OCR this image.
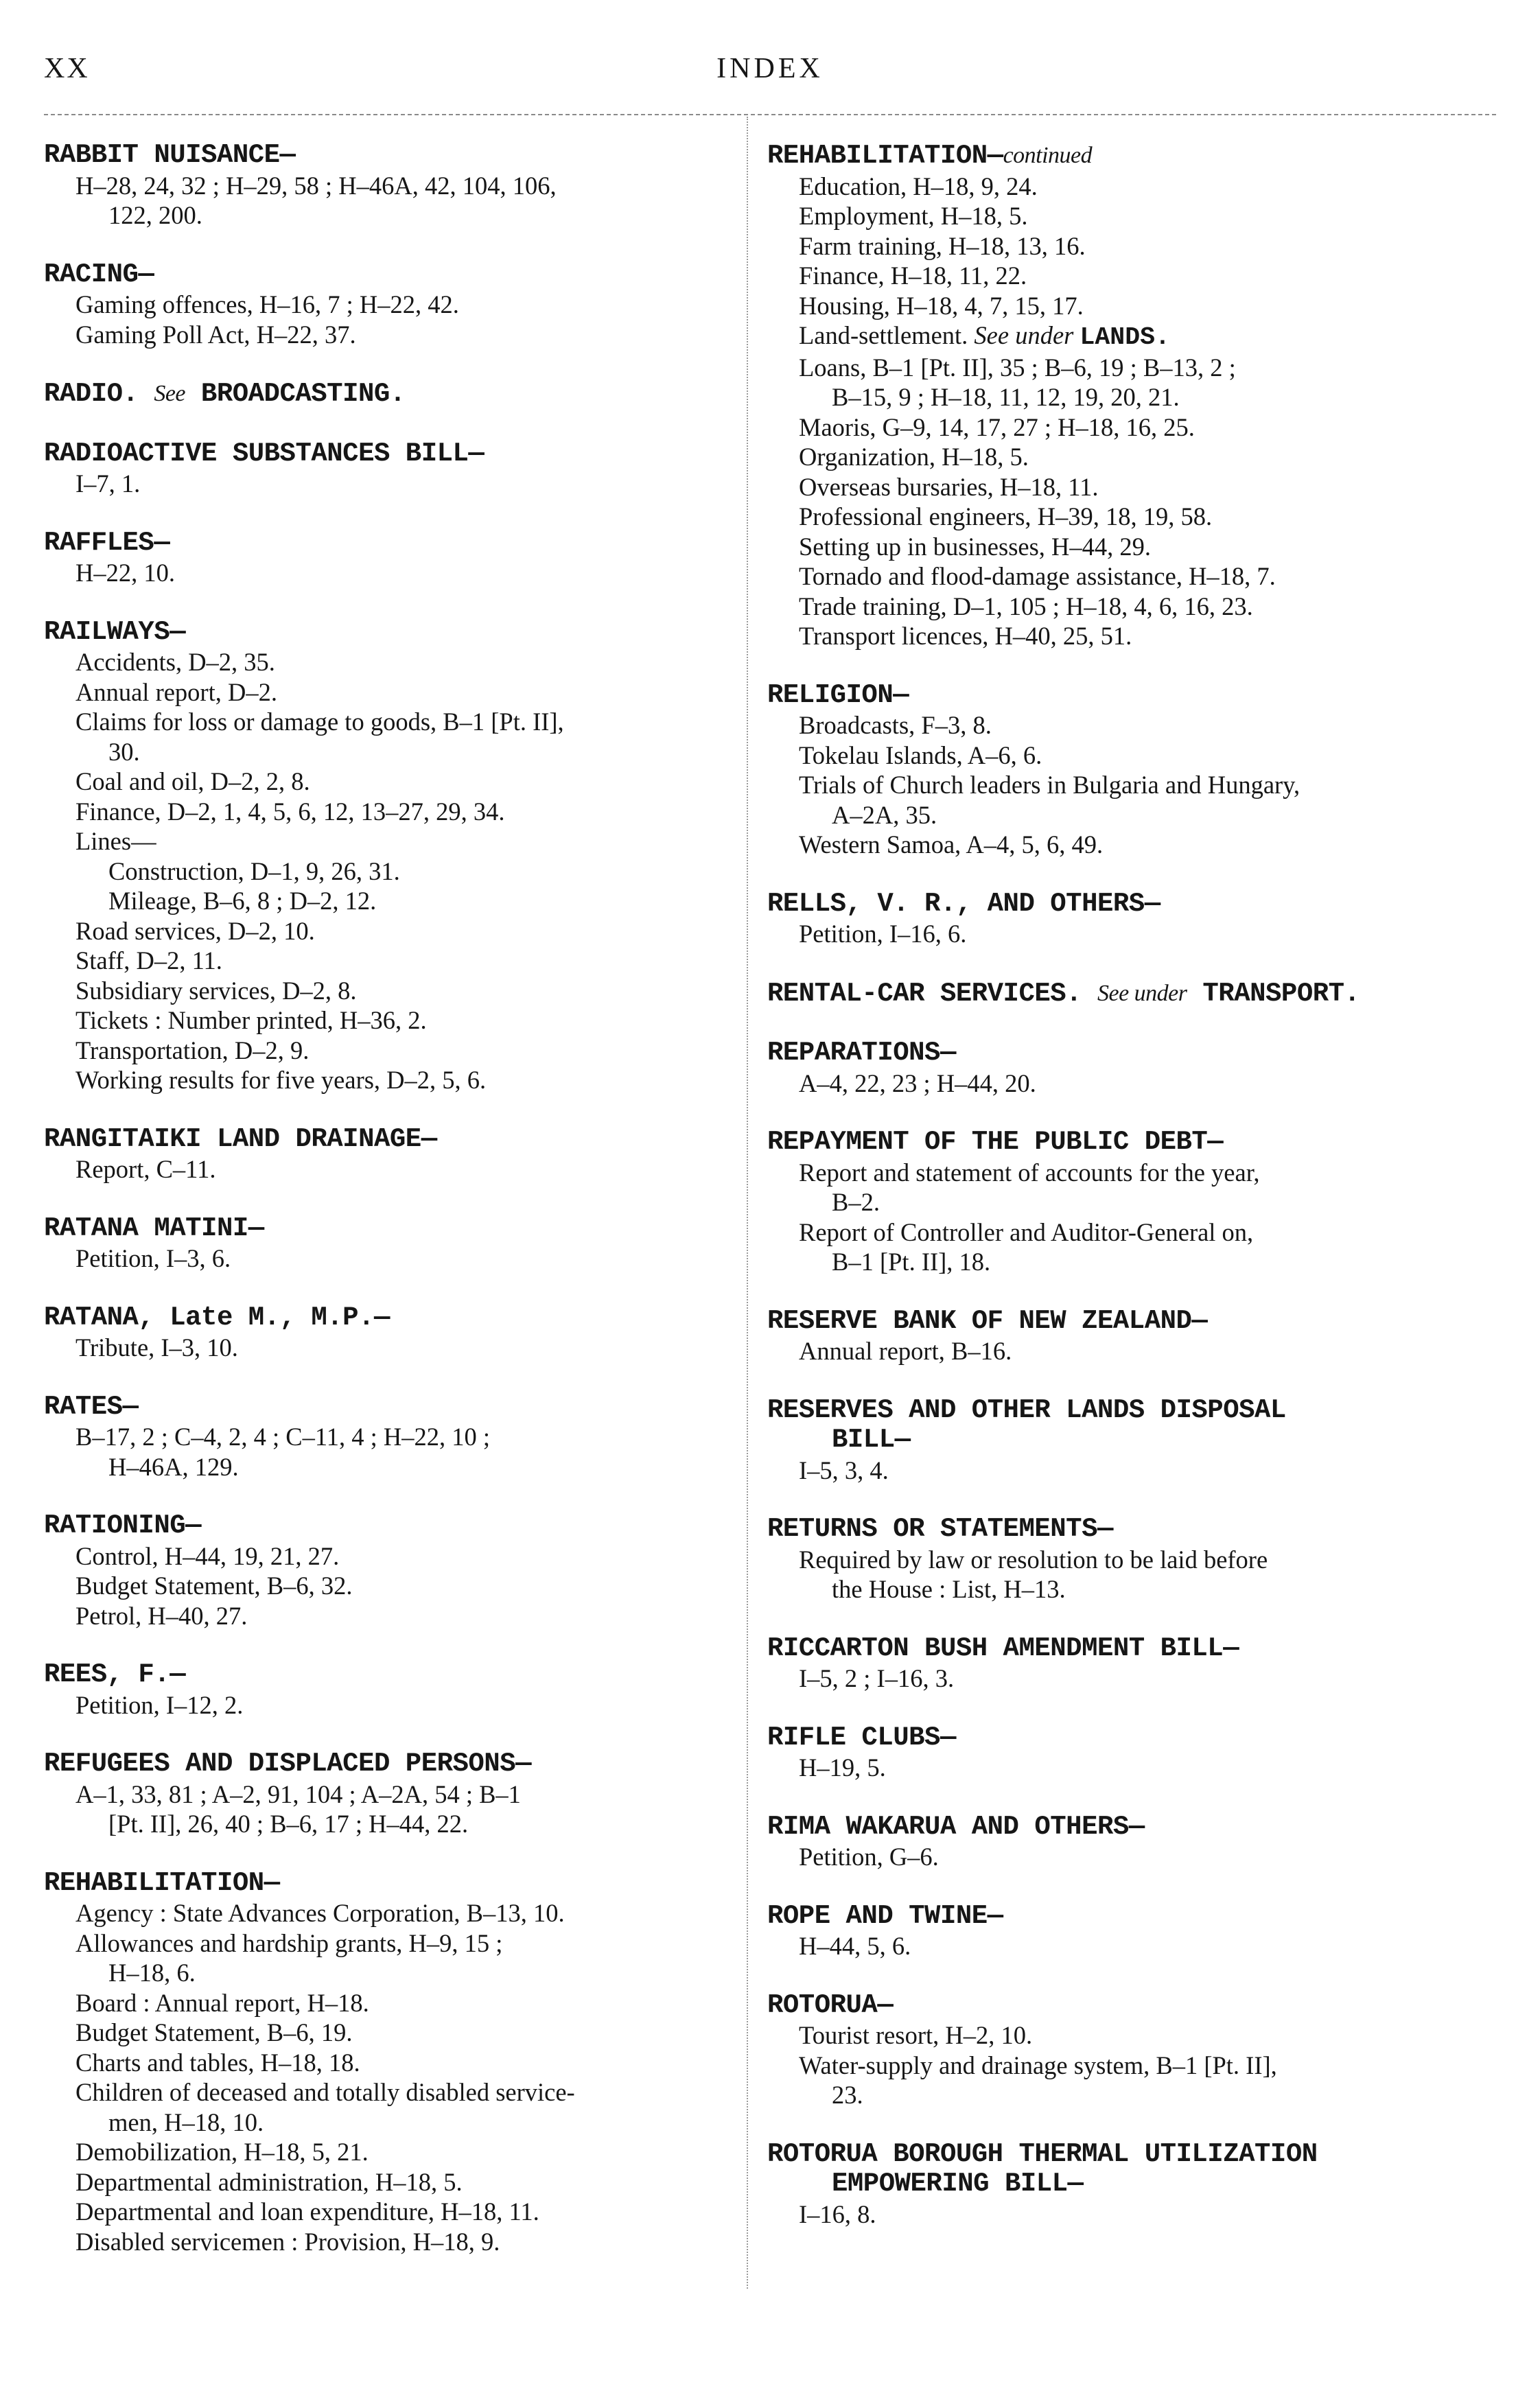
XX	INDEX
RABBIT NUISANCE—
H–28, 24, 32 ; H–29, 58 ; H–46A, 42, 104, 106,
122, 200.
RACING—
Gaming offences, H–16, 7 ; H–22, 42.
Gaming Poll Act, H–22, 37.
RADIO. See BROADCASTING.
RADIOACTIVE SUBSTANCES BILL—
I–7, 1.
RAFFLES—
H–22, 10.
RAILWAYS—
Accidents, D–2, 35.
Annual report, D–2.
Claims for loss or damage to goods, B–1 [Pt. II],
30.
Coal and oil, D–2, 2, 8.
Finance, D–2, 1, 4, 5, 6, 12, 13–27, 29, 34.
Lines—
Construction, D–1, 9, 26, 31.
Mileage, B–6, 8 ; D–2, 12.
Road services, D–2, 10.
Staff, D–2, 11.
Subsidiary services, D–2, 8.
Tickets : Number printed, H–36, 2.
Transportation, D–2, 9.
Working results for five years, D–2, 5, 6.
RANGITAIKI LAND DRAINAGE—
Report, C–11.
RATANA MATINI—
Petition, I–3, 6.
RATANA, Late M., M.P.—
Tribute, I–3, 10.
RATES—
B–17, 2 ; C–4, 2, 4 ; C–11, 4 ; H–22, 10 ;
H–46A, 129.
RATIONING—
Control, H–44, 19, 21, 27.
Budget Statement, B–6, 32.
Petrol, H–40, 27.
REES, F.—
Petition, I–12, 2.
REFUGEES AND DISPLACED PERSONS—
A–1, 33, 81 ; A–2, 91, 104 ; A–2A, 54 ; B–1
[Pt. II], 26, 40 ; B–6, 17 ; H–44, 22.
REHABILITATION—
Agency : State Advances Corporation, B–13, 10.
Allowances and hardship grants, H–9, 15 ;
H–18, 6.
Board : Annual report, H–18.
Budget Statement, B–6, 19.
Charts and tables, H–18, 18.
Children of deceased and totally disabled service-
men, H–18, 10.
Demobilization, H–18, 5, 21.
Departmental administration, H–18, 5.
Departmental and loan expenditure, H–18, 11.
Disabled servicemen : Provision, H–18, 9.
REHABILITATION—continued
Education, H–18, 9, 24.
Employment, H–18, 5.
Farm training, H–18, 13, 16.
Finance, H–18, 11, 22.
Housing, H–18, 4, 7, 15, 17.
Land-settlement. See under LANDS.
Loans, B–1 [Pt. II], 35 ; B–6, 19 ; B–13, 2 ;
B–15, 9 ; H–18, 11, 12, 19, 20, 21.
Maoris, G–9, 14, 17, 27 ; H–18, 16, 25.
Organization, H–18, 5.
Overseas bursaries, H–18, 11.
Professional engineers, H–39, 18, 19, 58.
Setting up in businesses, H–44, 29.
Tornado and flood-damage assistance, H–18, 7.
Trade training, D–1, 105 ; H–18, 4, 6, 16, 23.
Transport licences, H–40, 25, 51.
RELIGION—
Broadcasts, F–3, 8.
Tokelau Islands, A–6, 6.
Trials of Church leaders in Bulgaria and Hungary,
A–2A, 35.
Western Samoa, A–4, 5, 6, 49.
RELLS, V. R., AND OTHERS—
Petition, I–16, 6.
RENTAL-CAR SERVICES. See under TRANSPORT.
REPARATIONS—
A–4, 22, 23 ; H–44, 20.
REPAYMENT OF THE PUBLIC DEBT—
Report and statement of accounts for the year,
B–2.
Report of Controller and Auditor-General on,
B–1 [Pt. II], 18.
RESERVE BANK OF NEW ZEALAND—
Annual report, B–16.
RESERVES AND OTHER LANDS DISPOSAL
BILL—
I–5, 3, 4.
RETURNS OR STATEMENTS—
Required by law or resolution to be laid before
the House : List, H–13.
RICCARTON BUSH AMENDMENT BILL—
I–5, 2 ; I–16, 3.
RIFLE CLUBS—
H–19, 5.
RIMA WAKARUA AND OTHERS—
Petition, G–6.
ROPE AND TWINE—
H–44, 5, 6.
ROTORUA—
Tourist resort, H–2, 10.
Water-supply and drainage system, B–1 [Pt. II],
23.
ROTORUA BOROUGH THERMAL UTILIZATION
EMPOWERING BILL—
I–16, 8.
